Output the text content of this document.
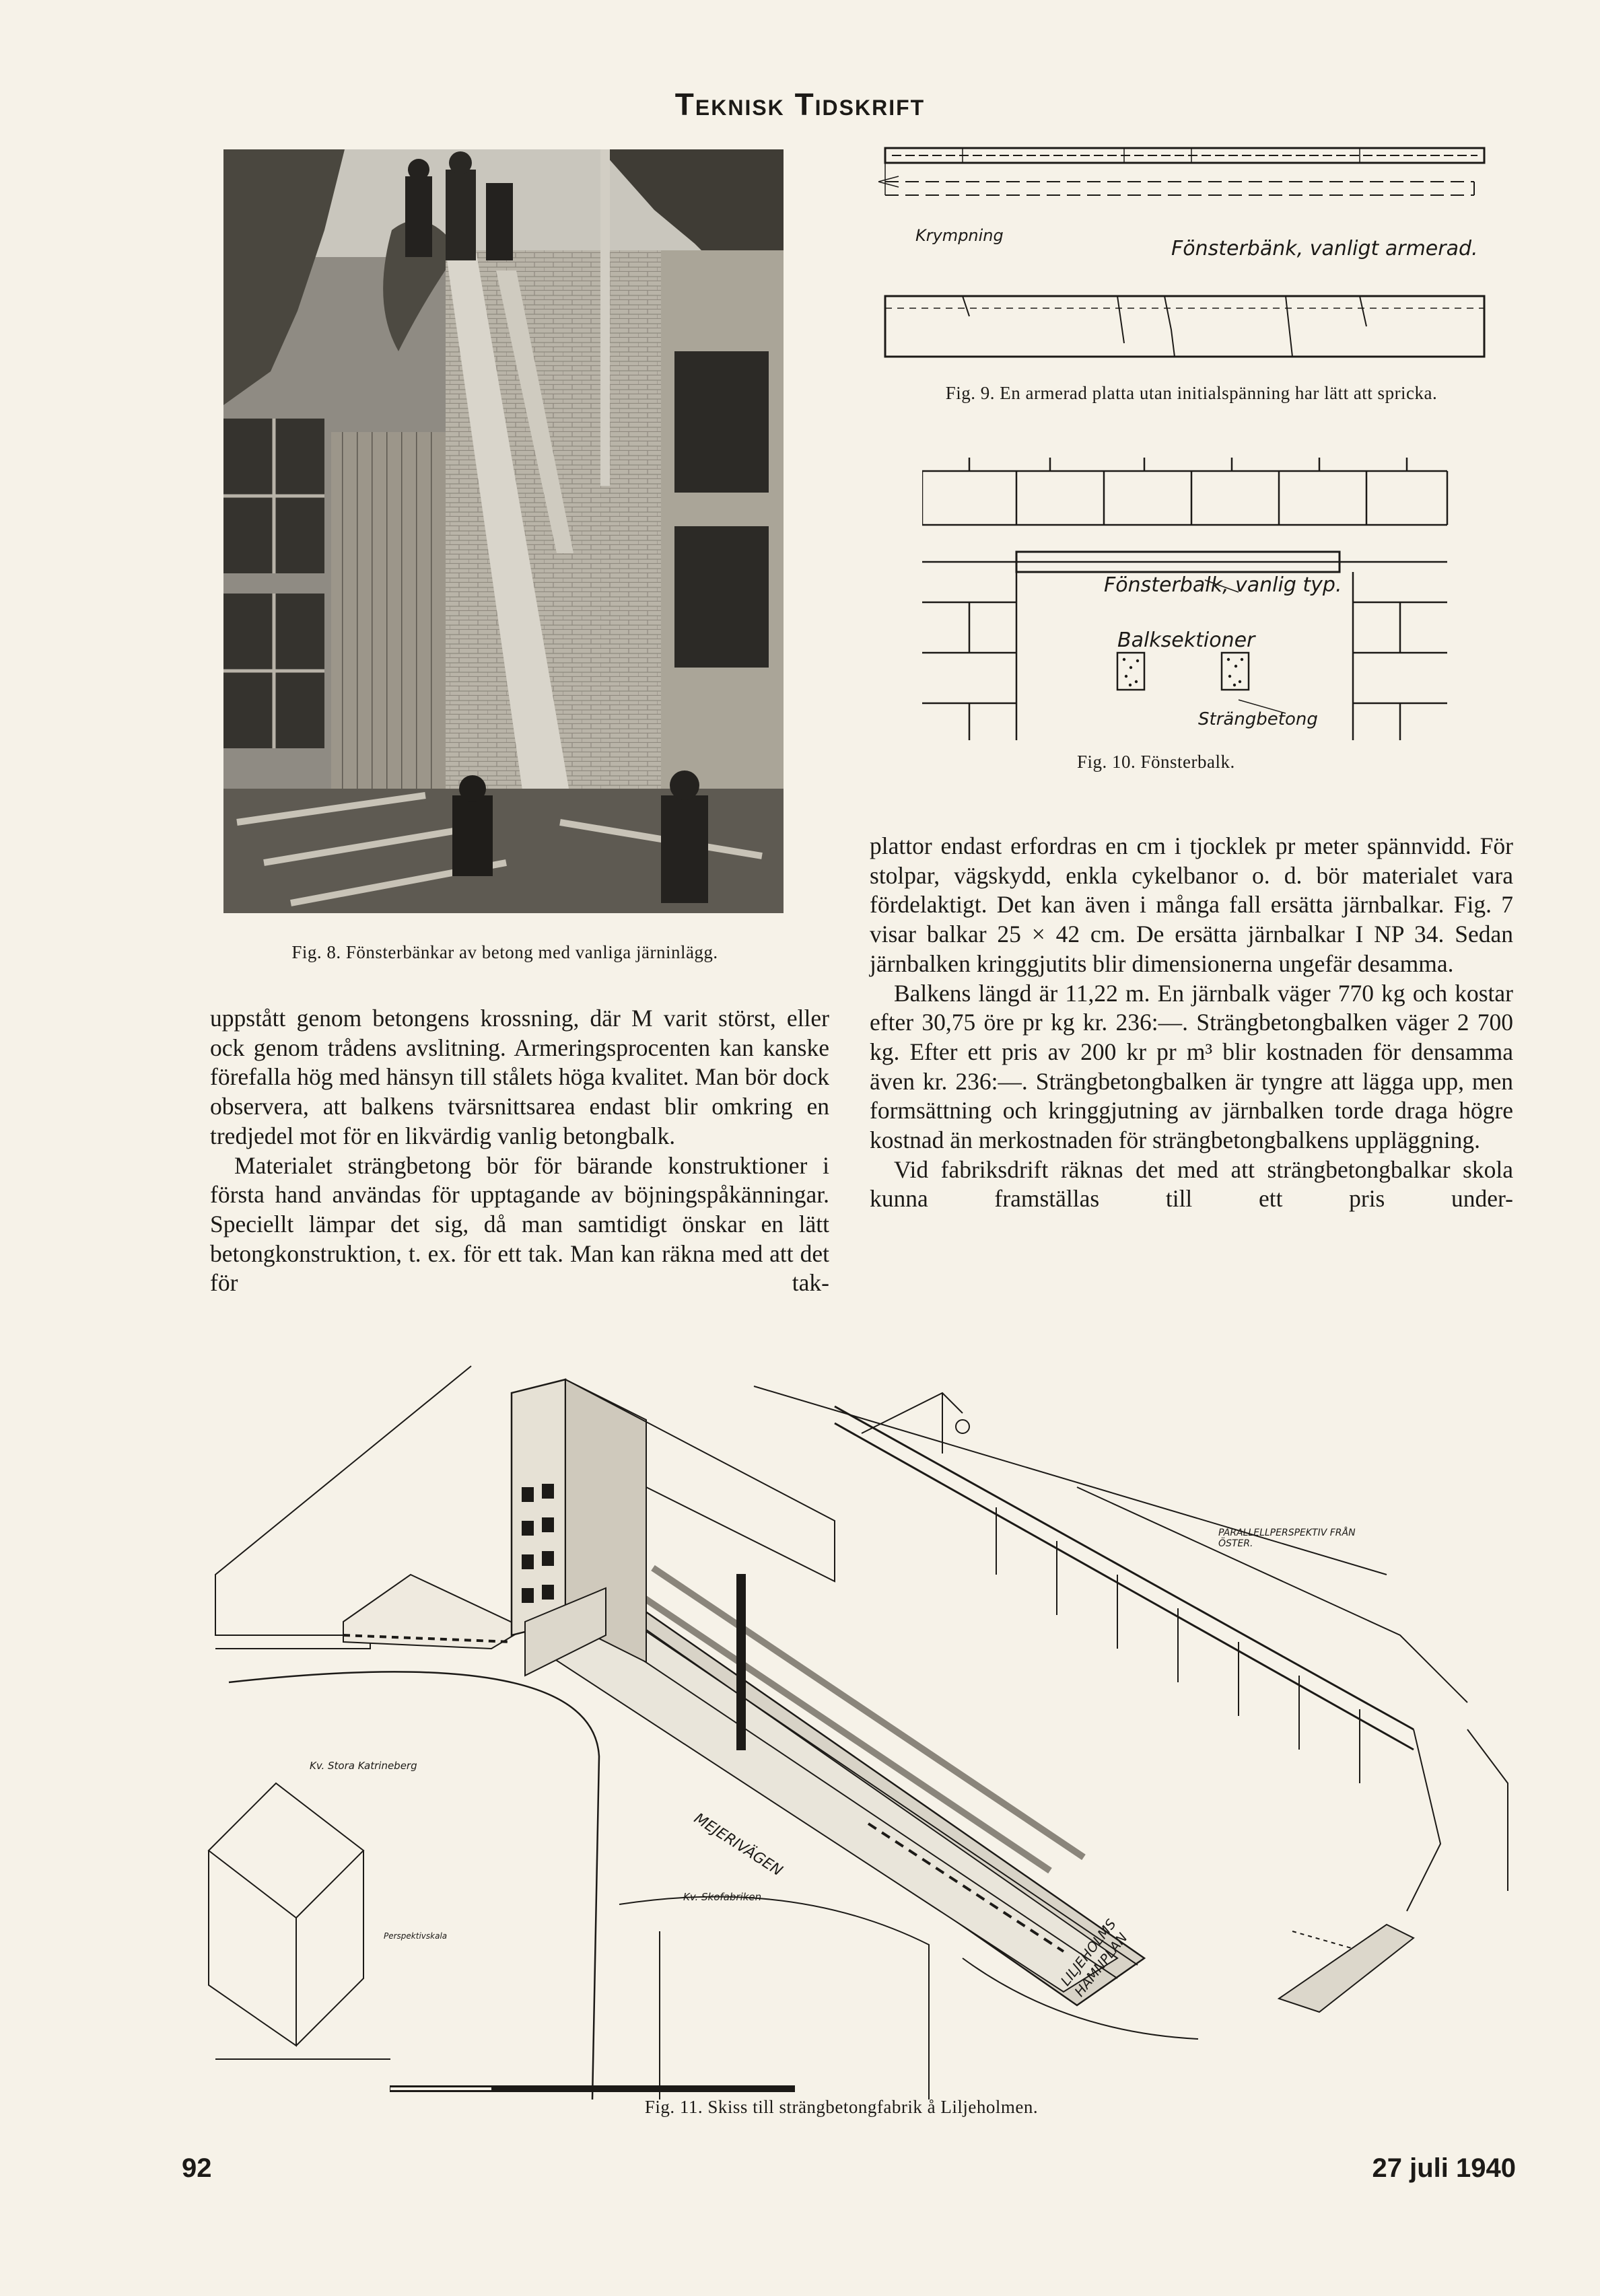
Teknisk Tidskrift
Fig. 8. Fönsterbänkar av betong med vanliga järninlägg.
Krympning
Fönsterbänk, vanligt armerad.
Fig. 9. En armerad platta utan initialspänning har lätt att spricka.
Fönsterbalk, vanlig typ.
Balksektioner
Strängbetong
Fig. 10. Fönsterbalk.

uppstått genom betongens krossning, där M varit störst, eller ock genom trådens avslitning. Armeringsprocenten kan kanske förefalla hög med hänsyn till stålets höga kvalitet. Man bör dock observera, att balkens tvärsnittsarea endast blir omkring en tredjedel mot för en likvärdig vanlig betongbalk.

Materialet strängbetong bör för bärande konstruktioner i första hand användas för upptagande av böjningspåkänningar. Speciellt lämpar det sig, då man samtidigt önskar en lätt betongkonstruktion, t. ex. för ett tak. Man kan räkna med att det för tak-

plattor endast erfordras en cm i tjocklek pr meter spännvidd. För stolpar, vägskydd, enkla cykelbanor o. d. bör materialet vara fördelaktigt. Det kan även i många fall ersätta järnbalkar. Fig. 7 visar balkar 25 × 42 cm. De ersätta järnbalkar I NP 34. Sedan järnbalken kringgjutits blir dimensionerna ungefär desamma.

Balkens längd är 11,22 m. En järnbalk väger 770 kg och kostar efter 30,75 öre pr kg kr. 236:—. Strängbetongbalken väger 2 700 kg. Efter ett pris av 200 kr pr m³ blir kostnaden för densamma även kr. 236:—. Strängbetongbalken är tyngre att lägga upp, men formsättning och kringgjutning av järnbalken torde draga högre kostnad än merkostnaden för strängbetongbalkens uppläggning.

Vid fabriksdrift räknas det med att strängbetongbalkar skola kunna framställas till ett pris under-

PARALLELLPERSPEKTIV FRÅN ÖSTER.
Kv. Stora Katrineberg
MEJERIVÄGEN
Kv. Skofabriken
LILJEHOLMS HAMNPLAN
Perspektivskala
Fig. 11. Skiss till strängbetongfabrik å Liljeholmen.
92	27 juli 1940
